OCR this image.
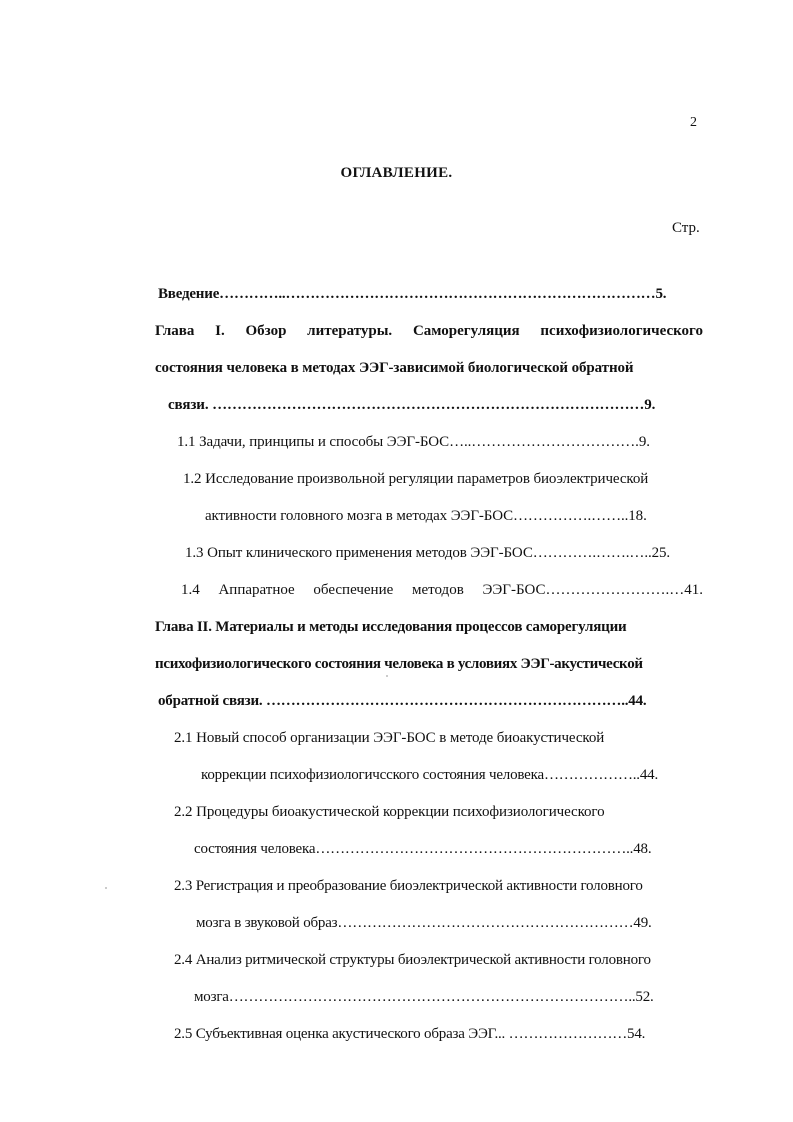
2
ОГЛАВЛЕНИЕ.
Стр.
Введение…………..…………………………………………………………………5.
Глава I. Обзор литературы. Саморегуляция психофизиологического
состояния человека в методах ЭЭГ-зависимой биологической обратной
связи. ……………………………………………………………………………9.
1.1 Задачи, принципы и способы ЭЭГ-БОС…..…………………………….9.
1.2 Исследование произвольной регуляции параметров биоэлектрической
активности головного мозга в методах ЭЭГ-БОС…………….……..18.
1.3 Опыт клинического применения методов ЭЭГ-БОС………….…….…..25.
1.4 Аппаратное обеспечение методов ЭЭГ-БОС…………………….…41.
Глава II. Материалы и методы исследования процессов саморегуляции
психофизиологического состояния человека в условиях ЭЭГ-акустической
обратной связи. ………………………………………………………………..44.
2.1 Новый способ организации ЭЭГ-БОС в методе биоакустической
коррекции психофизиологичсского состояния человека………………..44.
2.2 Процедуры биоакустической коррекции психофизиологического
состояния человека………………………………………………………..48.
2.3 Регистрация и преобразование биоэлектрической активности головного
мозга в звуковой образ……………………………………………………49.
2.4 Анализ ритмической структуры биоэлектрической активности головного
мозга………………………………………………………………………..52.
2.5 Субъективная оценка акустического образа ЭЭГ... ……………………54.
